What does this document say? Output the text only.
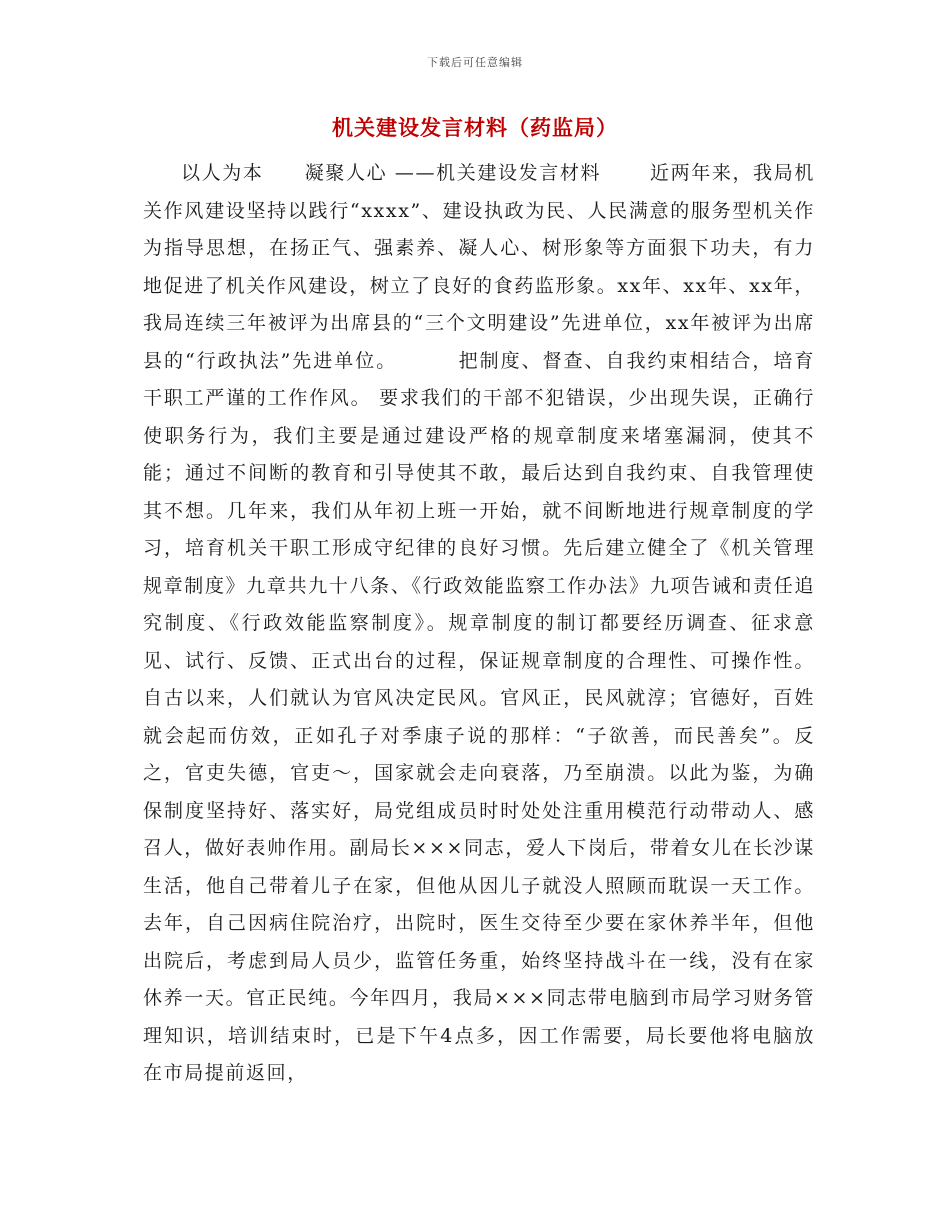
下载后可任意编辑
机关建设发言材料（药监局）

以人为本　　凝聚人心 ——机关建设发言材料　　 近两年来，我局机关作风建设坚持以践行“xxxx”、建设执政为民、人民满意的服务型机关作为指导思想，在扬正气、强素养、凝人心、树形象等方面狠下功夫，有力地促进了机关作风建设，树立了良好的食药监形象。xx年、xx年、xx年，我局连续三年被评为出席县的“三个文明建设”先进单位，xx年被评为出席县的“行政执法”先进单位。　　　 把制度、督查、自我约束相结合，培育干职工严谨的工作作风。 要求我们的干部不犯错误，少出现失误，正确行使职务行为，我们主要是通过建设严格的规章制度来堵塞漏洞，使其不能；通过不间断的教育和引导使其不敢，最后达到自我约束、自我管理使其不想。几年来，我们从年初上班一开始，就不间断地进行规章制度的学习，培育机关干职工形成守纪律的良好习惯。先后建立健全了《机关管理规章制度》九章共九十八条、《行政效能监察工作办法》九项告诫和责任追究制度、《行政效能监察制度》。规章制度的制订都要经历调查、征求意见、试行、反馈、正式出台的过程，保证规章制度的合理性、可操作性。自古以来，人们就认为官风决定民风。官风正，民风就淳；官德好，百姓就会起而仿效，正如孔子对季康子说的那样：“子欲善，而民善矣”。反之，官吏失德，官吏～，国家就会走向衰落，乃至崩溃。以此为鉴，为确保制度坚持好、落实好，局党组成员时时处处注重用模范行动带动人、感召人，做好表帅作用。副局长×××同志，爱人下岗后，带着女儿在长沙谋生活，他自己带着儿子在家，但他从因儿子就没人照顾而耽误一天工作。去年，自己因病住院治疗，出院时，医生交待至少要在家休养半年，但他出院后，考虑到局人员少，监管任务重，始终坚持战斗在一线，没有在家休养一天。官正民纯。今年四月，我局×××同志带电脑到市局学习财务管理知识，培训结束时，已是下午4点多，因工作需要，局长要他将电脑放在市局提前返回，
